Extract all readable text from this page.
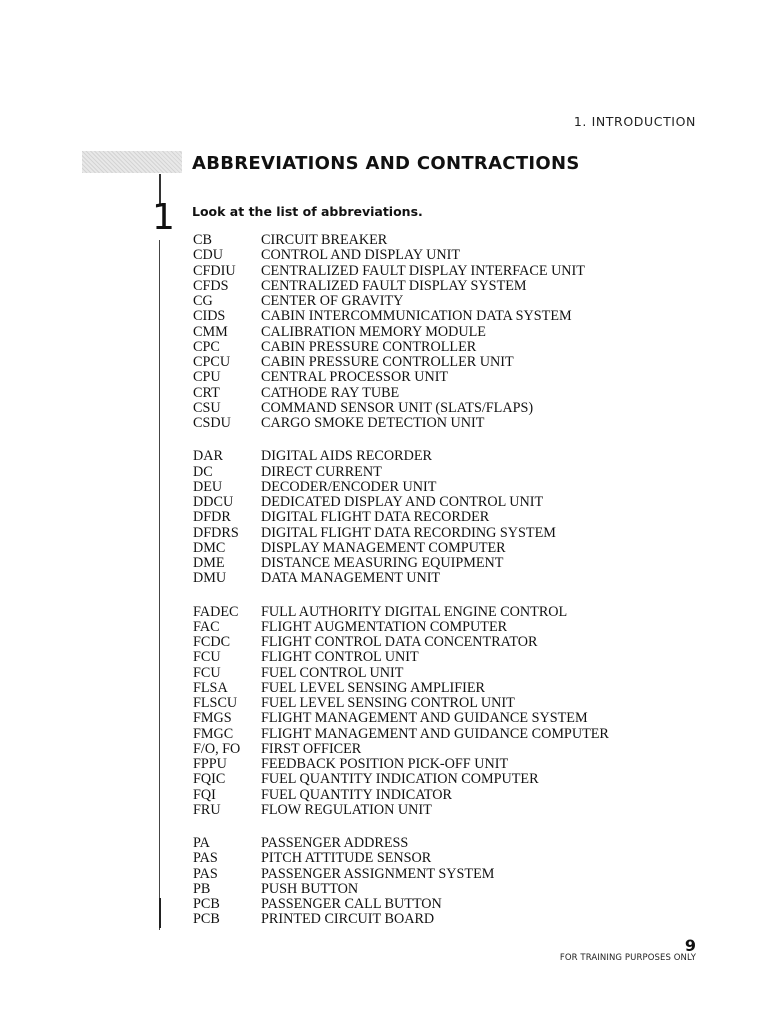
1. INTRODUCTION
ABBREVIATIONS AND CONTRACTIONS
1 Look at the list of abbreviations.
CB	CIRCUIT BREAKER
CDU	CONTROL AND DISPLAY UNIT
CFDIU	CENTRALIZED FAULT DISPLAY INTERFACE UNIT
CFDS	CENTRALIZED FAULT DISPLAY SYSTEM
CG	CENTER OF GRAVITY
CIDS	CABIN INTERCOMMUNICATION DATA SYSTEM
CMM	CALIBRATION MEMORY MODULE
CPC	CABIN PRESSURE CONTROLLER
CPCU	CABIN PRESSURE CONTROLLER UNIT
CPU	CENTRAL PROCESSOR UNIT
CRT	CATHODE RAY TUBE
CSU	COMMAND SENSOR UNIT (SLATS/FLAPS)
CSDU	CARGO SMOKE DETECTION UNIT
DAR	DIGITAL AIDS RECORDER
DC	DIRECT CURRENT
DEU	DECODER/ENCODER UNIT
DDCU	DEDICATED DISPLAY AND CONTROL UNIT
DFDR	DIGITAL FLIGHT DATA RECORDER
DFDRS	DIGITAL FLIGHT DATA RECORDING SYSTEM
DMC	DISPLAY MANAGEMENT COMPUTER
DME	DISTANCE MEASURING EQUIPMENT
DMU	DATA MANAGEMENT UNIT
FADEC	FULL AUTHORITY DIGITAL ENGINE CONTROL
FAC	FLIGHT AUGMENTATION COMPUTER
FCDC	FLIGHT CONTROL DATA CONCENTRATOR
FCU	FLIGHT CONTROL UNIT
FCU	FUEL CONTROL UNIT
FLSA	FUEL LEVEL SENSING AMPLIFIER
FLSCU	FUEL LEVEL SENSING CONTROL UNIT
FMGS	FLIGHT MANAGEMENT AND GUIDANCE SYSTEM
FMGC	FLIGHT MANAGEMENT AND GUIDANCE COMPUTER
F/O, FO	FIRST OFFICER
FPPU	FEEDBACK POSITION PICK-OFF UNIT
FQIC	FUEL QUANTITY INDICATION COMPUTER
FQI	FUEL QUANTITY INDICATOR
FRU	FLOW REGULATION UNIT
PA	PASSENGER ADDRESS
PAS	PITCH ATTITUDE SENSOR
PAS	PASSENGER ASSIGNMENT SYSTEM
PB	PUSH BUTTON
PCB	PASSENGER CALL BUTTON
PCB	PRINTED CIRCUIT BOARD
9
FOR TRAINING PURPOSES ONLY
